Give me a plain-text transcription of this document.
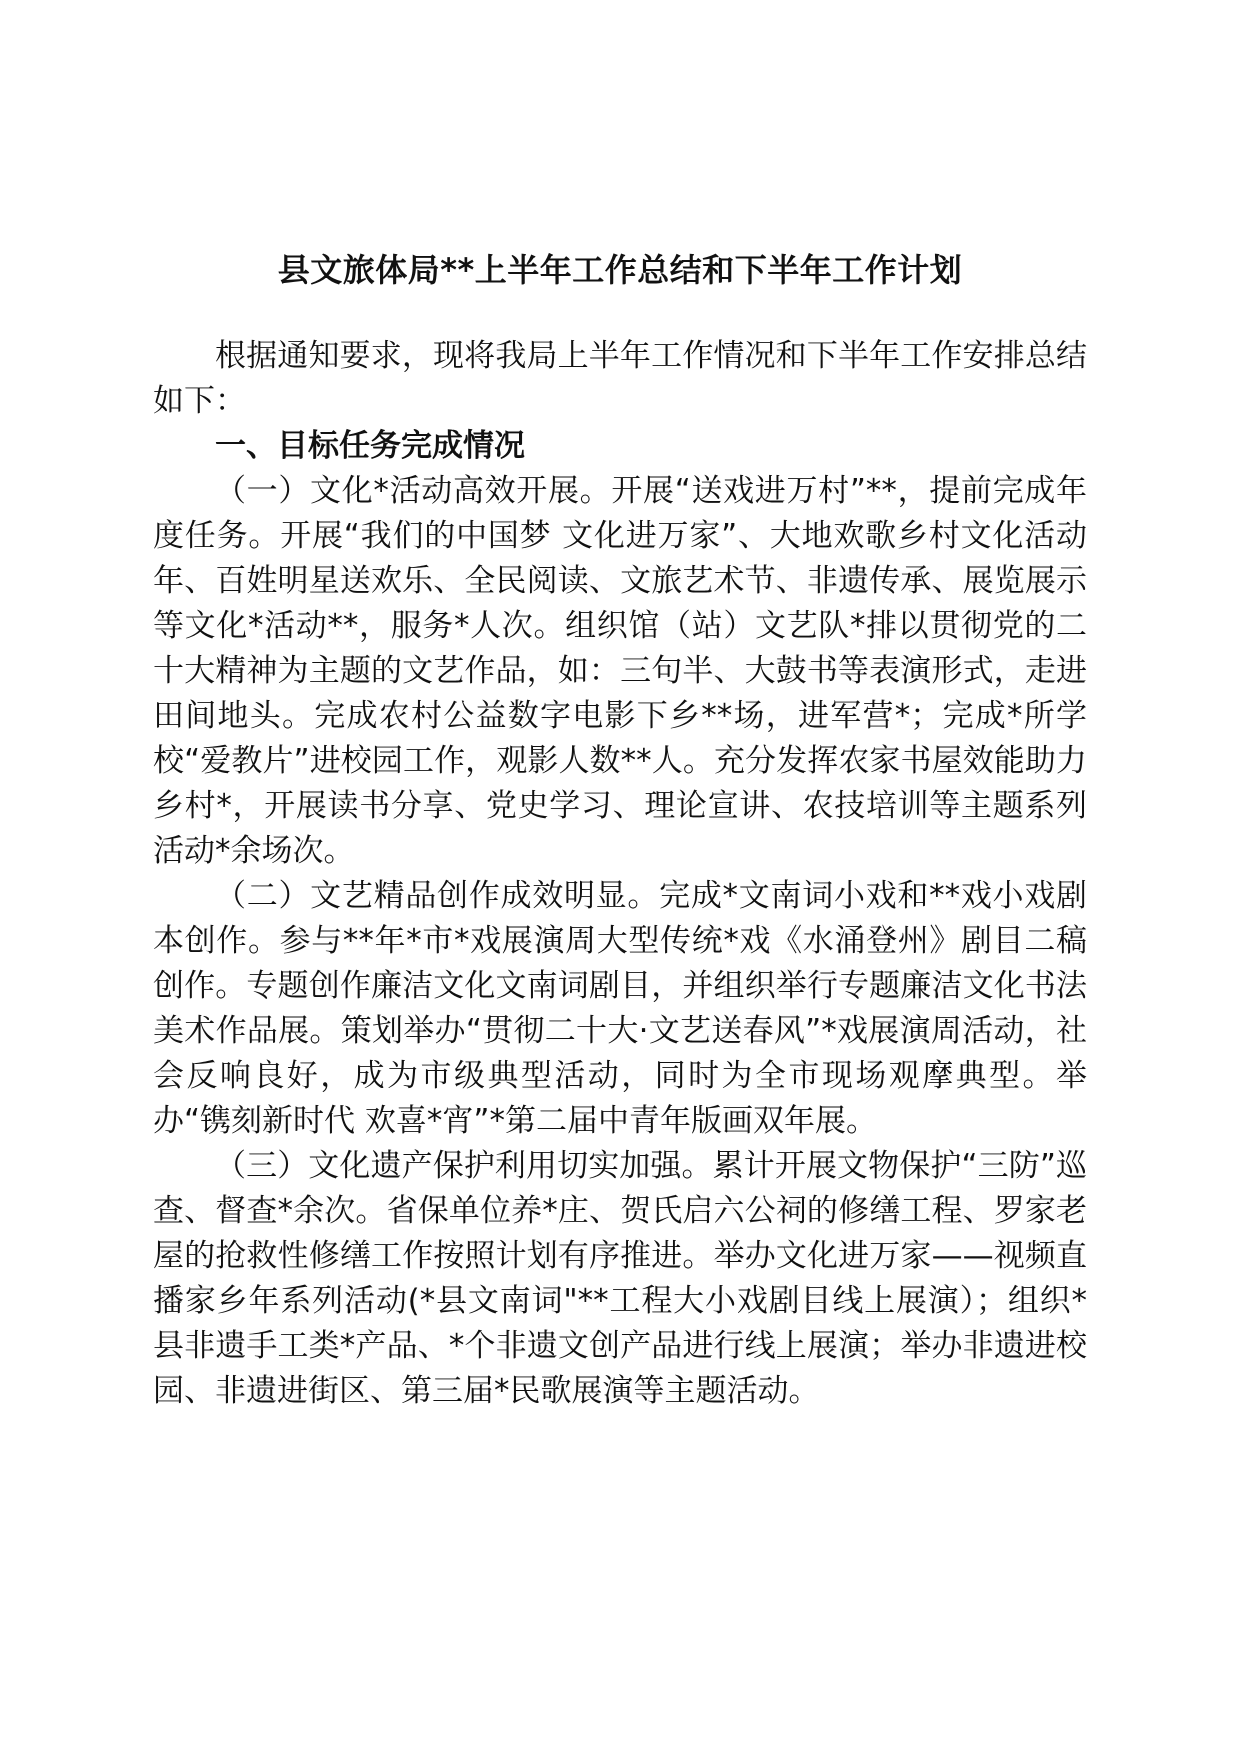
县文旅体局**上半年工作总结和下半年工作计划

根据通知要求，现将我局上半年工作情况和下半年工作安排总结如下：

一、目标任务完成情况

（一）文化*活动高效开展。开展“送戏进万村”**，提前完成年度任务。开展“我们的中国梦 文化进万家”、大地欢歌乡村文化活动年、百姓明星送欢乐、全民阅读、文旅艺术节、非遗传承、展览展示等文化*活动**，服务*人次。组织馆（站）文艺队*排以贯彻党的二十大精神为主题的文艺作品，如：三句半、大鼓书等表演形式，走进田间地头。完成农村公益数字电影下乡**场，进军营*；完成*所学校“爱教片”进校园工作，观影人数**人。充分发挥农家书屋效能助力乡村*，开展读书分享、党史学习、理论宣讲、农技培训等主题系列活动*余场次。

（二）文艺精品创作成效明显。完成*文南词小戏和**戏小戏剧本创作。参与**年*市*戏展演周大型传统*戏《水涌登州》剧目二稿创作。专题创作廉洁文化文南词剧目，并组织举行专题廉洁文化书法美术作品展。策划举办“贯彻二十大·文艺送春风”*戏展演周活动，社会反响良好，成为市级典型活动，同时为全市现场观摩典型。举办“镌刻新时代 欢喜*宵”*第二届中青年版画双年展。

（三）文化遗产保护利用切实加强。累计开展文物保护“三防”巡查、督查*余次。省保单位养*庄、贺氏启六公祠的修缮工程、罗家老屋的抢救性修缮工作按照计划有序推进。举办文化进万家——视频直播家乡年系列活动(*县文南词"**工程大小戏剧目线上展演）；组织*县非遗手工类*产品、*个非遗文创产品进行线上展演；举办非遗进校园、非遗进街区、第三届*民歌展演等主题活动。
